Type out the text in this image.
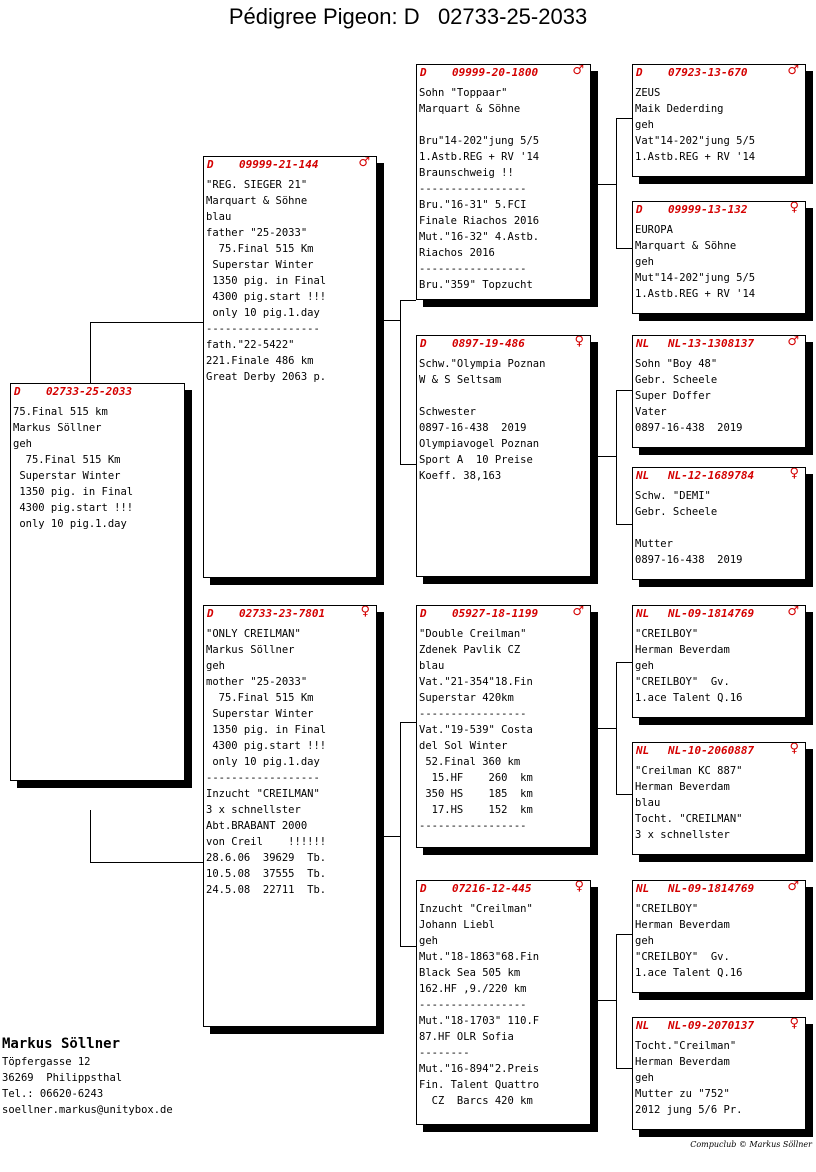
Pédigree Pigeon: D   02733-25-2033
D 02733-25-2033
75.Final 515 km
Markus Söllner
geh
75.Final 515 Km
Superstar Winter
1350 pig. in Final
4300 pig.start !!!
only 10 pig.1.day
D 09999-21-144	♂
"REG. SIEGER 21"
Marquart & Söhne
blau
father "25-2033"
75.Final 515 Km
Superstar Winter
1350 pig. in Final
4300 pig.start !!!
only 10 pig.1.day
------------------
fath."22-5422"
221.Finale 486 km
Great Derby 2063 p.
D 02733-23-7801	♀
"ONLY CREILMAN"
Markus Söllner
geh
mother "25-2033"
75.Final 515 Km
Superstar Winter
1350 pig. in Final
4300 pig.start !!!
only 10 pig.1.day
------------------
Inzucht "CREILMAN"
3 x schnellster
Abt.BRABANT 2000
von Creil    !!!!!!
28.6.06  39629  Tb.
10.5.08  37555  Tb.
24.5.08  22711  Tb.
D 09999-20-1800	♂
Sohn "Toppaar"
Marquart & Söhne
Bru"14-202"jung 5/5
1.Astb.REG + RV '14
Braunschweig !!
-----------------
Bru."16-31" 5.FCI
Finale Riachos 2016
Mut."16-32" 4.Astb.
Riachos 2016
-----------------
Bru."359" Topzucht
D 0897-19-486	♀
Schw."Olympia Poznan
W & S Seltsam
Schwester
0897-16-438  2019
Olympiavogel Poznan
Sport A  10 Preise
Koeff. 38,163
D 05927-18-1199	♂
"Double Creilman"
Zdenek Pavlik CZ
blau
Vat."21-354"18.Fin
Superstar 420km
-----------------
Vat."19-539" Costa
del Sol Winter
52.Final 360 km
15.HF    260  km
350 HS    185  km
17.HS    152  km
-----------------
D 07216-12-445	♀
Inzucht "Creilman"
Johann Liebl
geh
Mut."18-1863"68.Fin
Black Sea 505 km
162.HF ,9./220 km
-----------------
Mut."18-1703" 110.F
87.HF OLR Sofia
--------
Mut."16-894"2.Preis
Fin. Talent Quattro
CZ  Barcs 420 km
D 07923-13-670	♂
ZEUS
Maik Dederding
geh
Vat"14-202"jung 5/5
1.Astb.REG + RV '14
D 09999-13-132	♀
EUROPA
Marquart & Söhne
geh
Mut"14-202"jung 5/5
1.Astb.REG + RV '14
NL NL-13-1308137	♂
Sohn "Boy 48"
Gebr. Scheele
Super Doffer
Vater
0897-16-438  2019
NL NL-12-1689784	♀
Schw. "DEMI"
Gebr. Scheele
Mutter
0897-16-438  2019
NL NL-09-1814769	♂
"CREILBOY"
Herman Beverdam
geh
"CREILBOY"  Gv.
1.ace Talent Q.16
NL NL-10-2060887	♀
"Creilman KC 887"
Herman Beverdam
blau
Tocht. "CREILMAN"
3 x schnellster
NL NL-09-1814769	♂
"CREILBOY"
Herman Beverdam
geh
"CREILBOY"  Gv.
1.ace Talent Q.16
NL NL-09-2070137	♀
Tocht."Creilman"
Herman Beverdam
geh
Mutter zu "752"
2012 jung 5/6 Pr.
Markus Söllner
Töpfergasse 12
36269  Philippsthal
Tel.: 06620-6243
soellner.markus@unitybox.de
Compuclub © Markus Söllner
